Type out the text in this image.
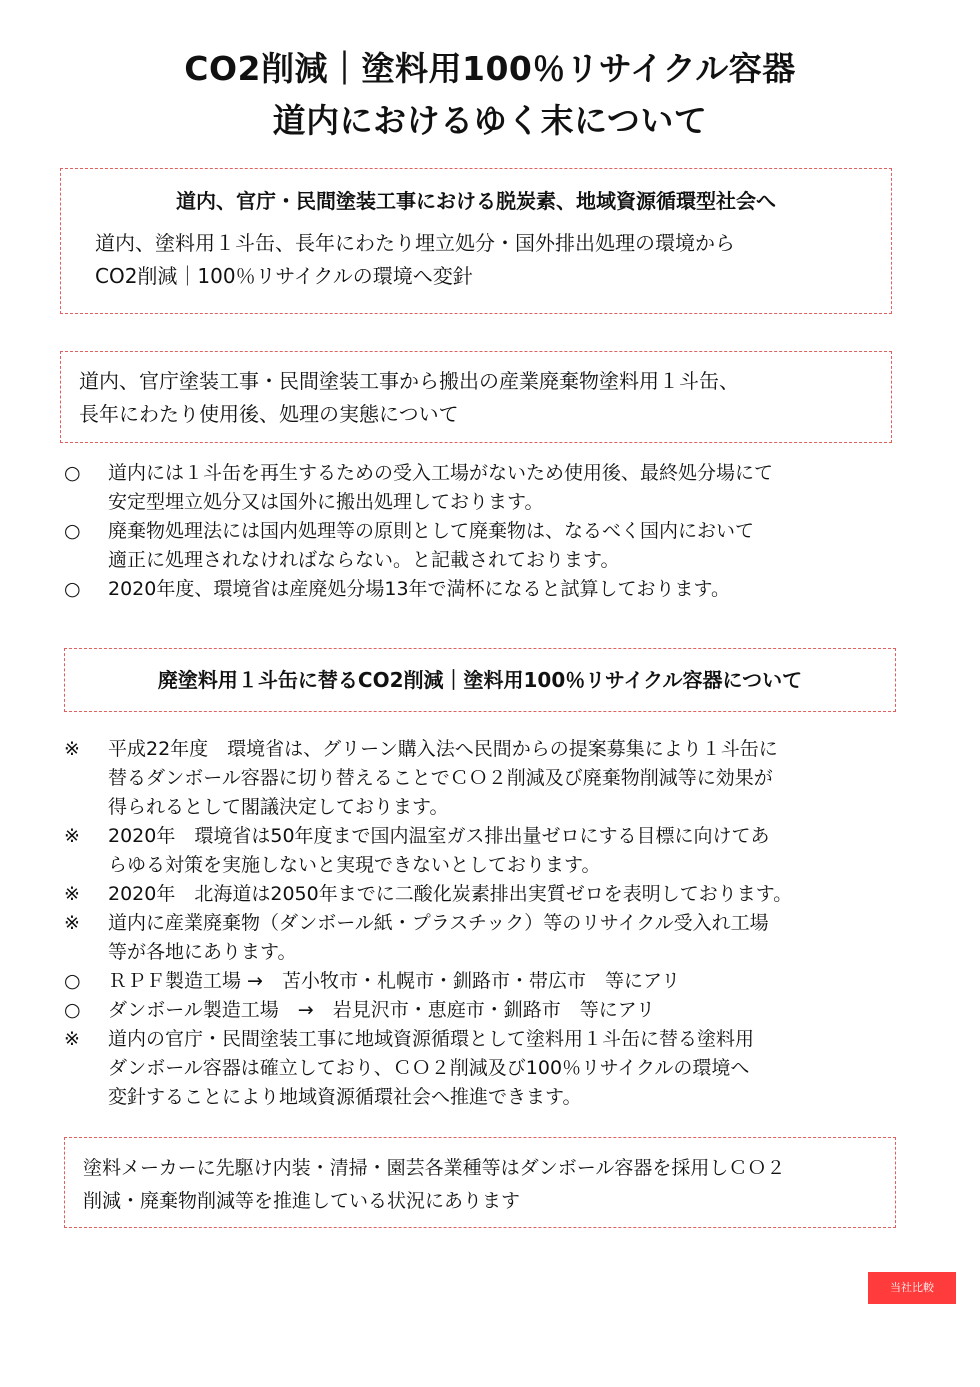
CO2削減｜塗料用100％リサイクル容器
道内におけるゆく末について
道内、官庁・民間塗装工事における脱炭素、地域資源循環型社会へ
道内、塗料用１斗缶、長年にわたり埋立処分・国外排出処理の環境から
CO2削減｜100％リサイクルの環境へ変針
道内、官庁塗装工事・民間塗装工事から搬出の産業廃棄物塗料用１斗缶、
長年にわたり使用後、処理の実態について
○	道内には１斗缶を再生するための受入工場がないため使用後、最終処分場にて
安定型埋立処分又は国外に搬出処理しております。
○	廃棄物処理法には国内処理等の原則として廃棄物は、なるべく国内において
適正に処理されなければならない。と記載されております。
○	2020年度、環境省は産廃処分場13年で満杯になると試算しております。
廃塗料用１斗缶に替るCO2削減｜塗料用100％リサイクル容器について
※	平成22年度　環境省は、グリーン購入法へ民間からの提案募集により１斗缶に
替るダンボール容器に切り替えることでＣＯ２削減及び廃棄物削減等に効果が
得られるとして閣議決定しております。
※	2020年　環境省は50年度まで国内温室ガス排出量ゼロにする目標に向けてあ
らゆる対策を実施しないと実現できないとしております。
※	2020年　北海道は2050年までに二酸化炭素排出実質ゼロを表明しております。
※	道内に産業廃棄物（ダンボール紙・プラスチック）等のリサイクル受入れ工場
等が各地にあります。
○	ＲＰＦ製造工場 →　苫小牧市・札幌市・釧路市・帯広市　等にアリ
○	ダンボール製造工場　→　岩見沢市・恵庭市・釧路市　等にアリ
※	道内の官庁・民間塗装工事に地域資源循環として塗料用１斗缶に替る塗料用
ダンボール容器は確立しており、ＣＯ２削減及び100％リサイクルの環境へ
変針することにより地域資源循環社会へ推進できます。
塗料メーカーに先駆け内装・清掃・園芸各業種等はダンボール容器を採用しＣＯ２
削減・廃棄物削減等を推進している状況にあります
当社比較
